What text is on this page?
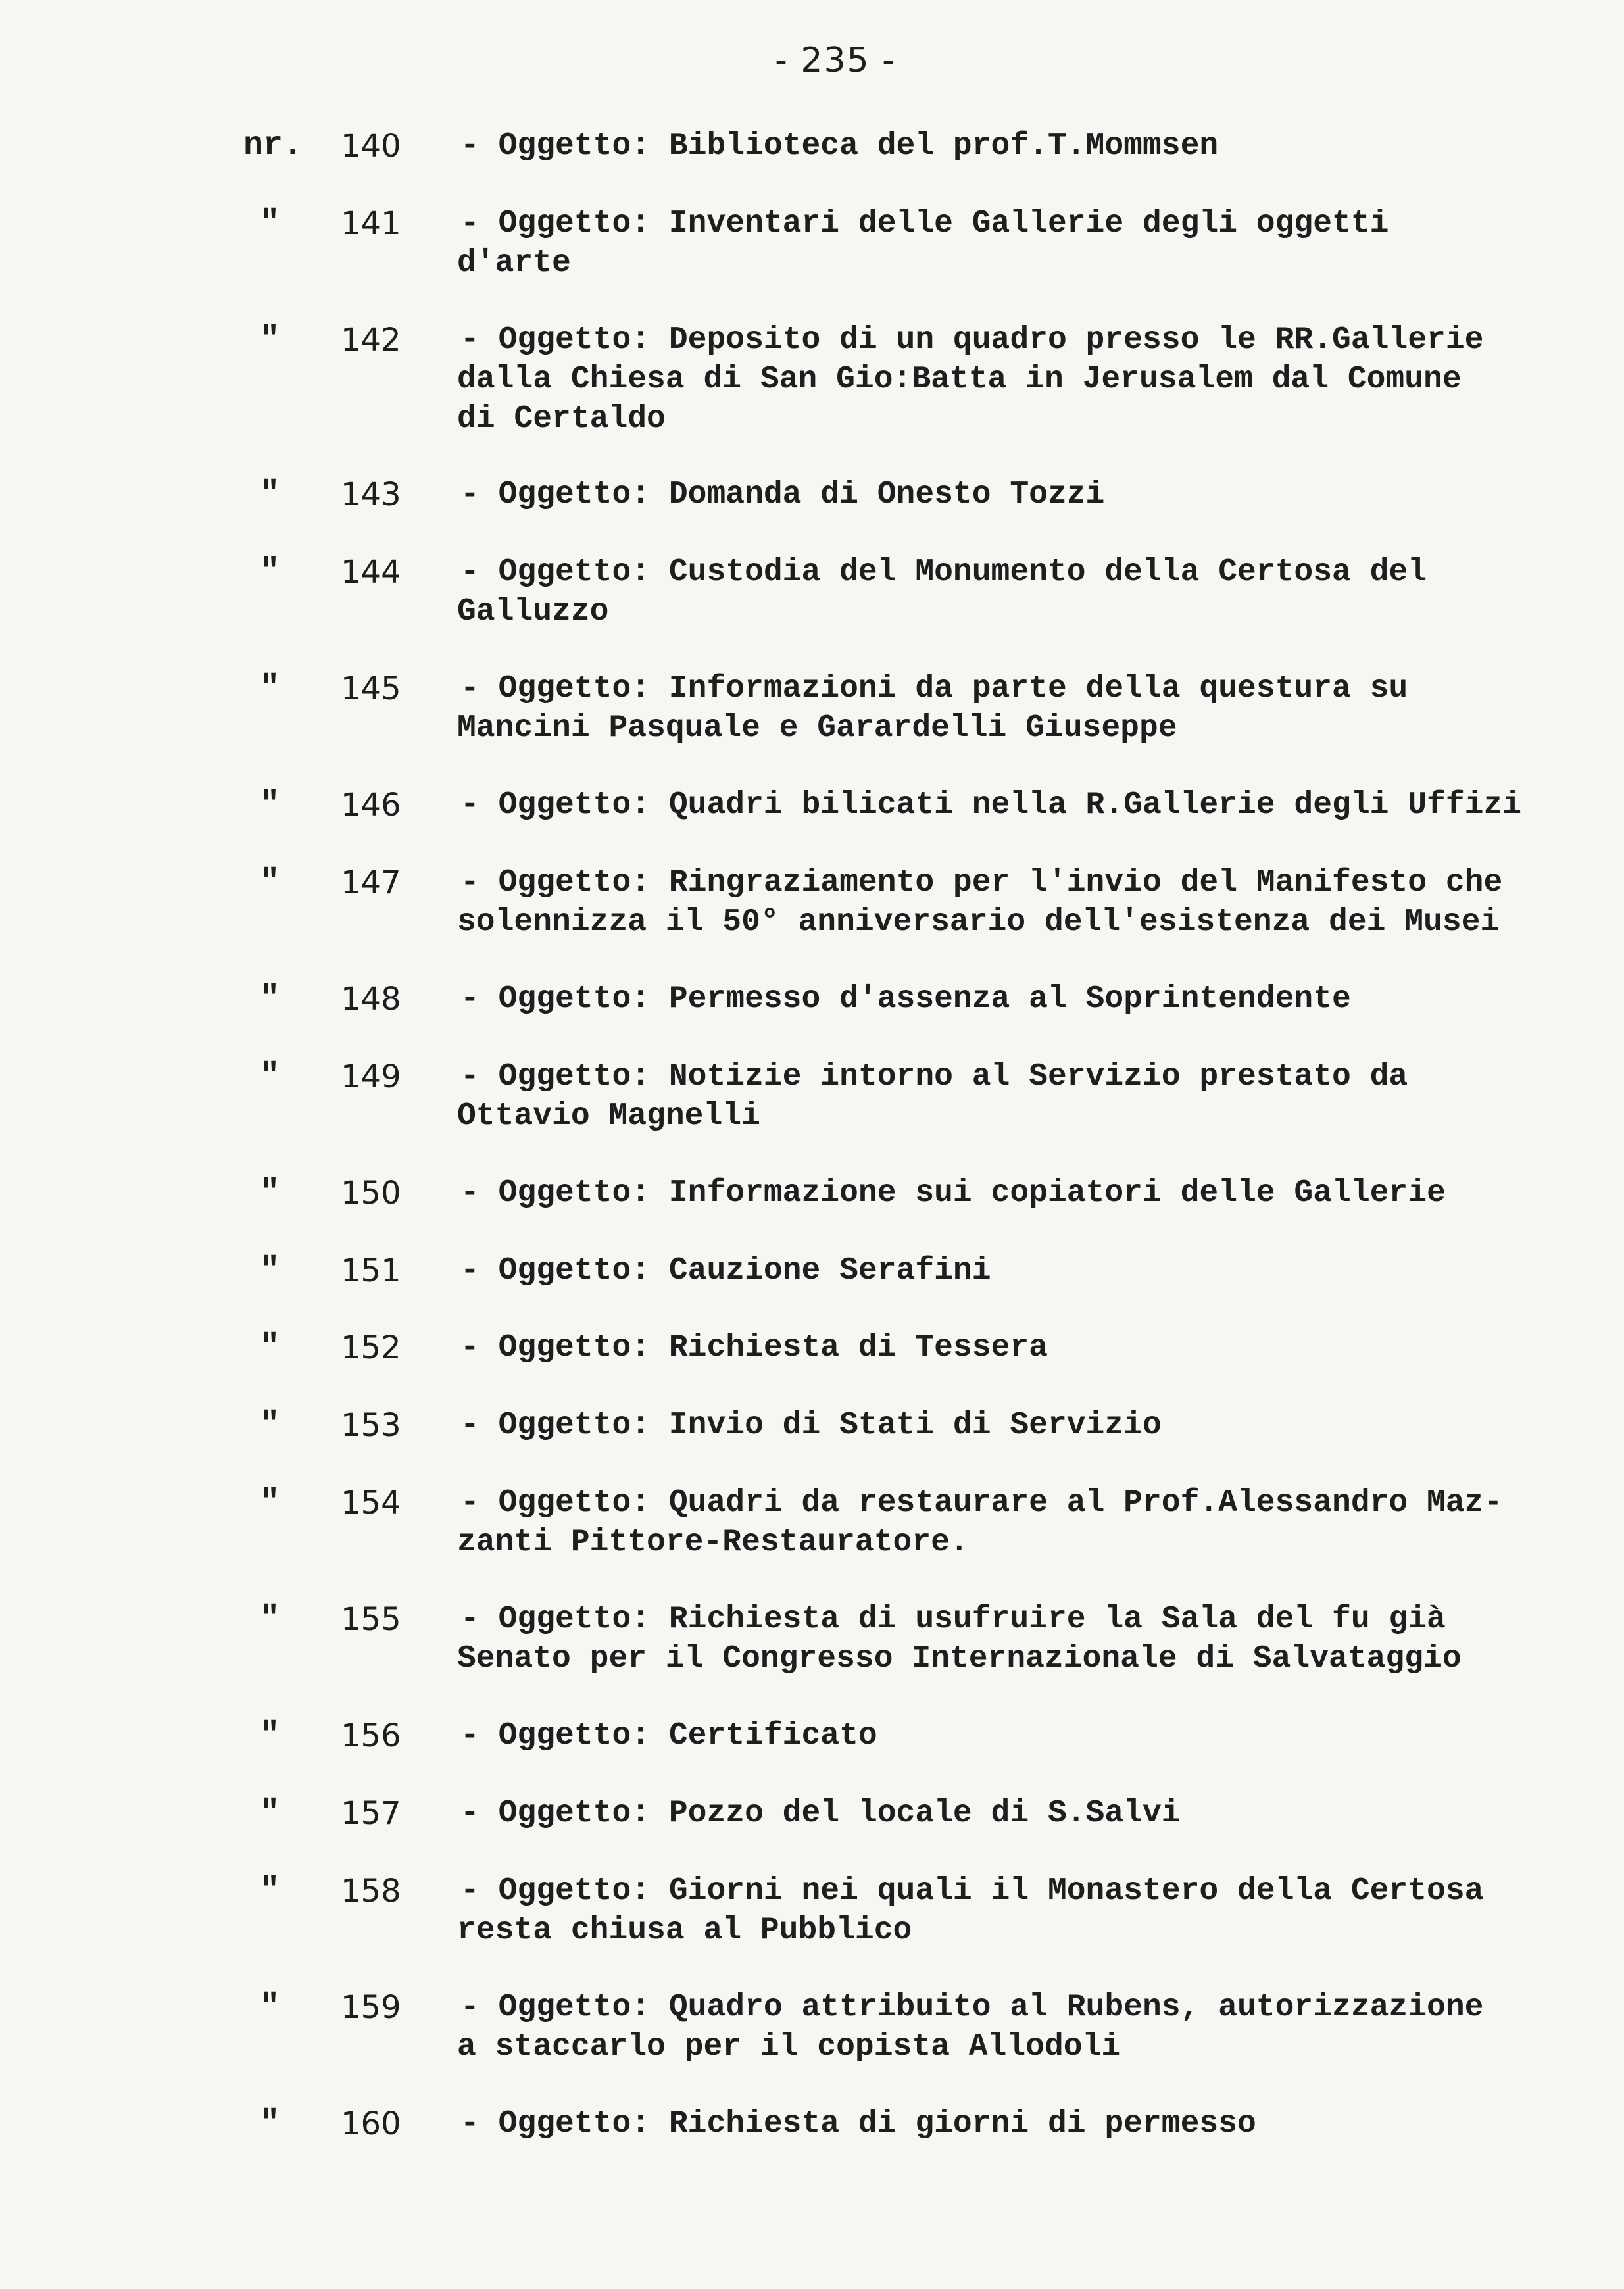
- 235 -
nr. 140	- Oggetto: Biblioteca del prof.T.Mommsen
"	141	- Oggetto: Inventari delle Gallerie degli oggetti
d'arte
"	142	- Oggetto: Deposito di un quadro presso le RR.Gallerie
dalla Chiesa di San Gio:Batta in Jerusalem dal Comune
di Certaldo
"	143	- Oggetto: Domanda di Onesto Tozzi
"	144	- Oggetto: Custodia del Monumento della Certosa del
Galluzzo
"	145	- Oggetto: Informazioni da parte della questura su
Mancini Pasquale e Garardelli Giuseppe
"	146	- Oggetto: Quadri bilicati nella R.Gallerie degli Uffizi
"	147	- Oggetto: Ringraziamento per l'invio del Manifesto che
solennizza il 50° anniversario dell'esistenza dei Musei
"	148	- Oggetto: Permesso d'assenza al Soprintendente
"	149	- Oggetto: Notizie intorno al Servizio prestato da
Ottavio Magnelli
"	150	- Oggetto: Informazione sui copiatori delle Gallerie
"	151	- Oggetto: Cauzione Serafini
"	152	- Oggetto: Richiesta di Tessera
"	153	- Oggetto: Invio di Stati di Servizio
"	154	- Oggetto: Quadri da restaurare al Prof.Alessandro Maz-
zanti Pittore-Restauratore.
"	155	- Oggetto: Richiesta di usufruire la Sala del fu già
Senato per il Congresso Internazionale di Salvataggio
"	156	- Oggetto: Certificato
"	157	- Oggetto: Pozzo del locale di S.Salvi
"	158	- Oggetto: Giorni nei quali il Monastero della Certosa
resta chiusa al Pubblico
"	159	- Oggetto: Quadro attribuito al Rubens, autorizzazione
a staccarlo per il copista Allodoli
"	160	- Oggetto: Richiesta di giorni di permesso
